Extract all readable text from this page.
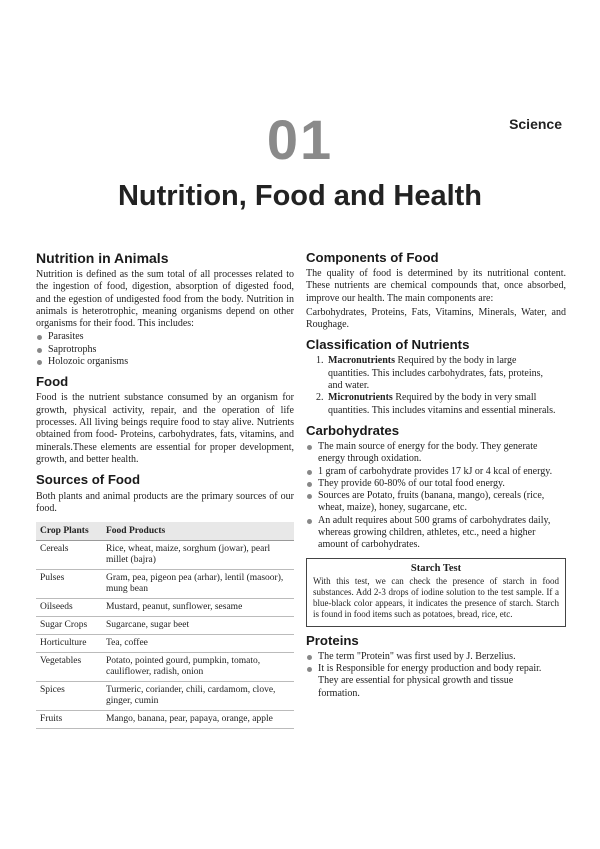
Science
01
Nutrition, Food and Health
Nutrition in Animals

Nutrition is defined as the sum total of all processes related to the ingestion of food, digestion, absorption of digested food, and the egestion of undigested food from the body. Nutrition in animals is heterotrophic, meaning organisms depend on other organisms for their food. This includes:

Parasites
Saprotrophs
Holozoic organisms
Food

Food is the nutrient substance consumed by an organism for growth, physical activity, repair, and the operation of life processes. All living beings require food to stay alive. Nutrients obtained from food- Proteins, carbohydrates, fats, vitamins, and minerals.These elements are essential for proper development, growth, and better health.

Sources of Food

Both plants and animal products are the primary sources of our food.

Crop Plants	Food Products
Cereals	Rice, wheat, maize, sorghum (jowar), pearl millet (bajra)
Pulses	Gram, pea, pigeon pea (arhar), lentil (masoor), mung bean
Oilseeds	Mustard, peanut, sunflower, sesame
Sugar Crops	Sugarcane, sugar beet
Horticulture	Tea, coffee
Vegetables	Potato, pointed gourd, pumpkin, tomato, cauliflower, radish, onion
Spices	Turmeric, coriander, chili, cardamom, clove, ginger, cumin
Fruits	Mango, banana, pear, papaya, orange, apple
Components of Food

The quality of food is determined by its nutritional content. These nutrients are chemical compounds that, once absorbed, improve our health. The main components are:

Carbohydrates, Proteins, Fats, Vitamins, Minerals, Water, and Roughage.

Classification of Nutrients
1. Macronutrients Required by the body in large quantities. This includes carbohydrates, fats, proteins, and water.
2. Micronutrients Required by the body in very small quantities. This includes vitamins and essential minerals.
Carbohydrates
The main source of energy for the body. They generate energy through oxidation.
1 gram of carbohydrate provides 17 kJ or 4 kcal of energy.
They provide 60-80% of our total food energy.
Sources are Potato, fruits (banana, mango), cereals (rice, wheat, maize), honey, sugarcane, etc.
An adult requires about 500 grams of carbohydrates daily, whereas growing children, athletes, etc., need a higher amount of carbohydrates.
Starch Test

With this test, we can check the presence of starch in food substances. Add 2-3 drops of iodine solution to the test sample. If a blue-black color appears, it indicates the presence of starch. Starch is found in food items such as potatoes, bread, rice, etc.

Proteins
The term "Protein" was first used by J. Berzelius.
It is Responsible for energy production and body repair. They are essential for physical growth and tissue formation.
